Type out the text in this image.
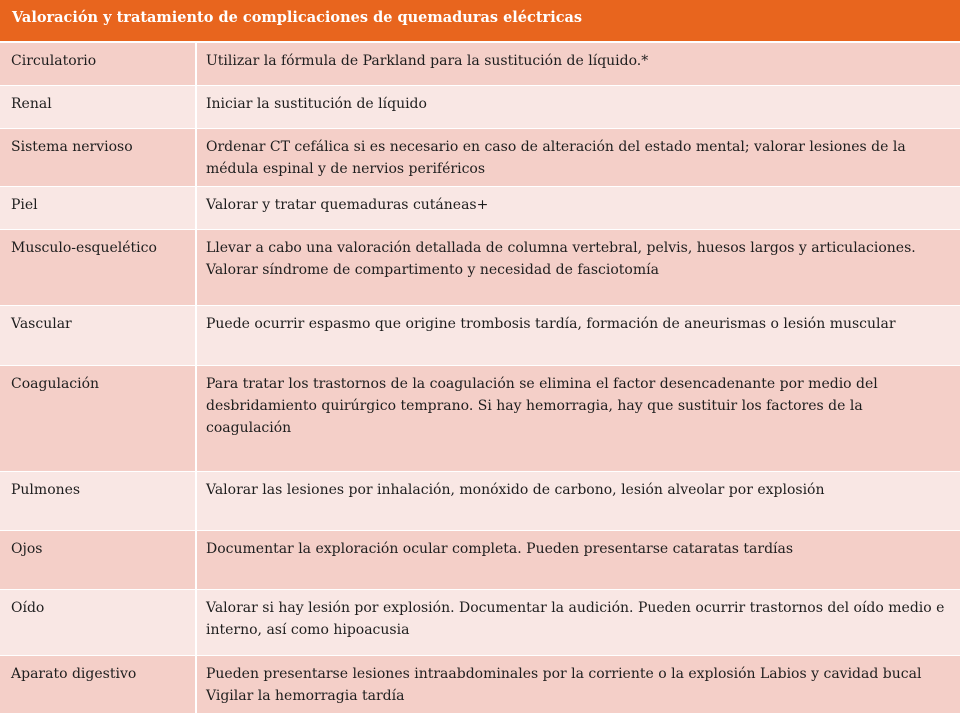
Valoración y tratamiento de complicaciones de quemaduras eléctricas	
Circulatorio	Utilizar la fórmula de Parkland para la sustitución de líquido.*
Renal	Iniciar la sustitución de líquido
Sistema nervioso	Ordenar CT cefálica si es necesario en caso de alteración del estado mental; valorar lesiones de la médula espinal y de nervios periféricos
Piel	Valorar y tratar quemaduras cutáneas+
Musculo-esquelético	Llevar a cabo una valoración detallada de columna vertebral, pelvis, huesos largos y articulaciones. Valorar síndrome de compartimento y necesidad de fasciotomía
Vascular	Puede ocurrir espasmo que origine trombosis tardía, formación de aneurismas o lesión muscular
Coagulación	Para tratar los trastornos de la coagulación se elimina el factor desencadenante por medio del desbridamiento quirúrgico temprano. Si hay hemorragia, hay que sustituir los factores de la coagulación
Pulmones	Valorar las lesiones por inhalación, monóxido de carbono, lesión alveolar por explosión
Ojos	Documentar la exploración ocular completa. Pueden presentarse cataratas tardías
Oído	Valorar si hay lesión por explosión. Documentar la audición. Pueden ocurrir trastornos del oído medio e interno, así como hipoacusia
Aparato digestivo	Pueden presentarse lesiones intraabdominales por la corriente o la explosión Labios y cavidad bucal Vigilar la hemorragia tardía
